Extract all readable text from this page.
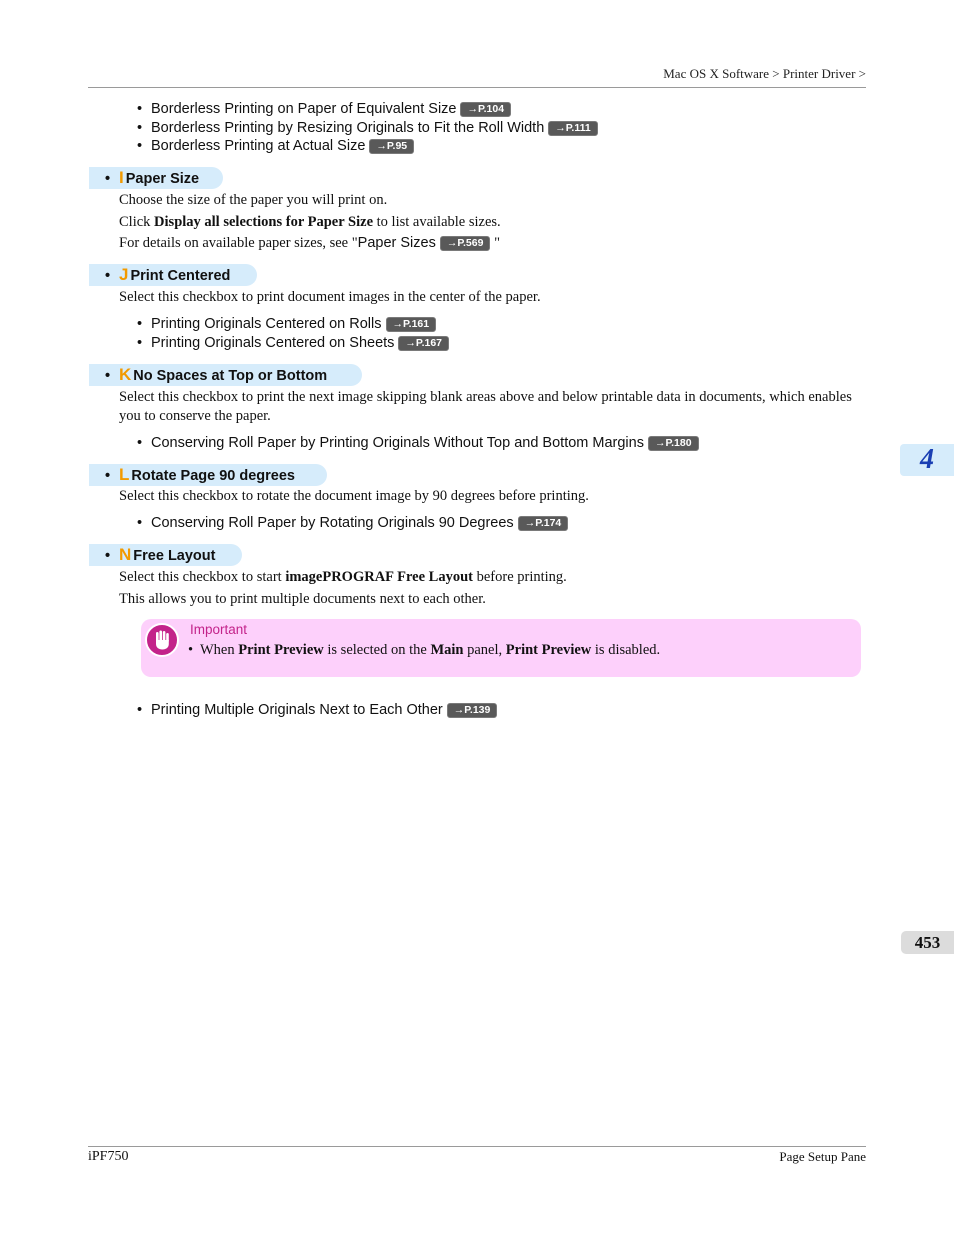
Mac OS X Software > Printer Driver >
• Borderless Printing on Paper of Equivalent Size →P.104
• Borderless Printing by Resizing Originals to Fit the Roll Width →P.111
• Borderless Printing at Actual Size →P.95
• I Paper Size
Choose the size of the paper you will print on.
Click Display all selections for Paper Size to list available sizes.
For details on available paper sizes, see "Paper Sizes →P.569 "
• J Print Centered
Select this checkbox to print document images in the center of the paper.
• Printing Originals Centered on Rolls →P.161
• Printing Originals Centered on Sheets →P.167
• K No Spaces at Top or Bottom
Select this checkbox to print the next image skipping blank areas above and below printable data in documents, which enables you to conserve the paper.
• Conserving Roll Paper by Printing Originals Without Top and Bottom Margins →P.180
• L Rotate Page 90 degrees
Select this checkbox to rotate the document image by 90 degrees before printing.
• Conserving Roll Paper by Rotating Originals 90 Degrees →P.174
• N Free Layout
Select this checkbox to start imagePROGRAF Free Layout before printing.
This allows you to print multiple documents next to each other.
Important
• When Print Preview is selected on the Main panel, Print Preview is disabled.
• Printing Multiple Originals Next to Each Other →P.139
4
453
iPF750	Page Setup Pane
